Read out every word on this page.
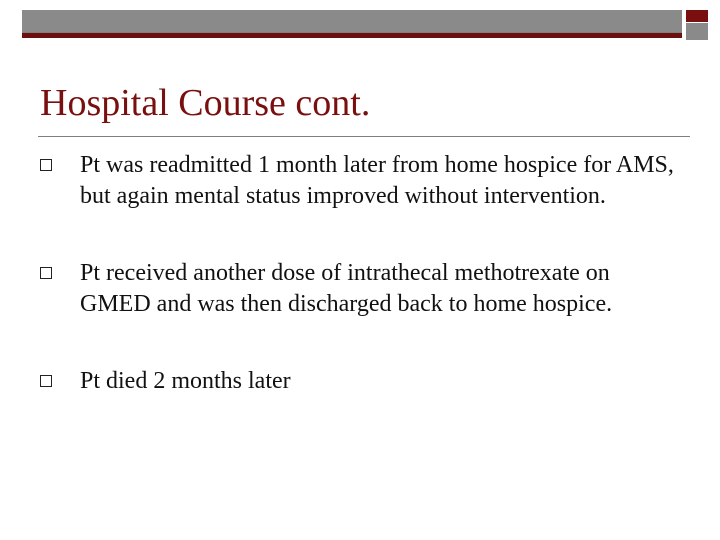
Hospital Course cont.
Pt was readmitted 1 month later from home hospice for AMS, but again mental status improved without intervention.
Pt received another dose of intrathecal methotrexate on GMED and was then discharged back to home hospice.
Pt died 2 months later
